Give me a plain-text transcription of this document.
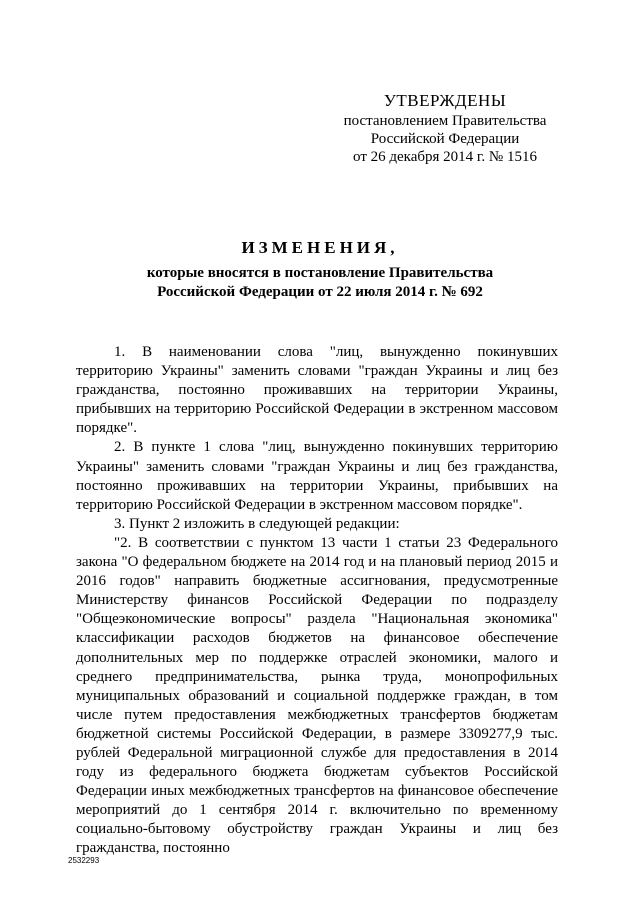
УТВЕРЖДЕНЫ
постановлением Правительства
Российской Федерации
от 26 декабря 2014 г. № 1516
ИЗМЕНЕНИЯ,
которые вносятся в постановление Правительства
Российской Федерации от 22 июля 2014 г. № 692

1. В наименовании слова "лиц, вынужденно покинувших территорию Украины" заменить словами "граждан Украины и лиц без гражданства, постоянно проживавших на территории Украины, прибывших на территорию Российской Федерации в экстренном массовом порядке".

2. В пункте 1 слова "лиц, вынужденно покинувших территорию Украины" заменить словами "граждан Украины и лиц без гражданства, постоянно проживавших на территории Украины, прибывших на территорию Российской Федерации в экстренном массовом порядке".

3. Пункт 2 изложить в следующей редакции:

"2. В соответствии с пунктом 13 части 1 статьи 23 Федерального закона "О федеральном бюджете на 2014 год и на плановый период 2015 и 2016 годов" направить бюджетные ассигнования, предусмотренные Министерству финансов Российской Федерации по подразделу "Общеэкономические вопросы" раздела "Национальная экономика" классификации расходов бюджетов на финансовое обеспечение дополнительных мер по поддержке отраслей экономики, малого и среднего предпринимательства, рынка труда, монопрофильных муниципальных образований и социальной поддержке граждан, в том числе путем предоставления межбюджетных трансфертов бюджетам бюджетной системы Российской Федерации, в размере 3309277,9 тыс. рублей Федеральной миграционной службе для предоставления в 2014 году из федерального бюджета бюджетам субъектов Российской Федерации иных межбюджетных трансфертов на финансовое обеспечение мероприятий до 1 сентября 2014 г. включительно по временному социально-бытовому обустройству граждан Украины и лиц без гражданства, постоянно

2532293
